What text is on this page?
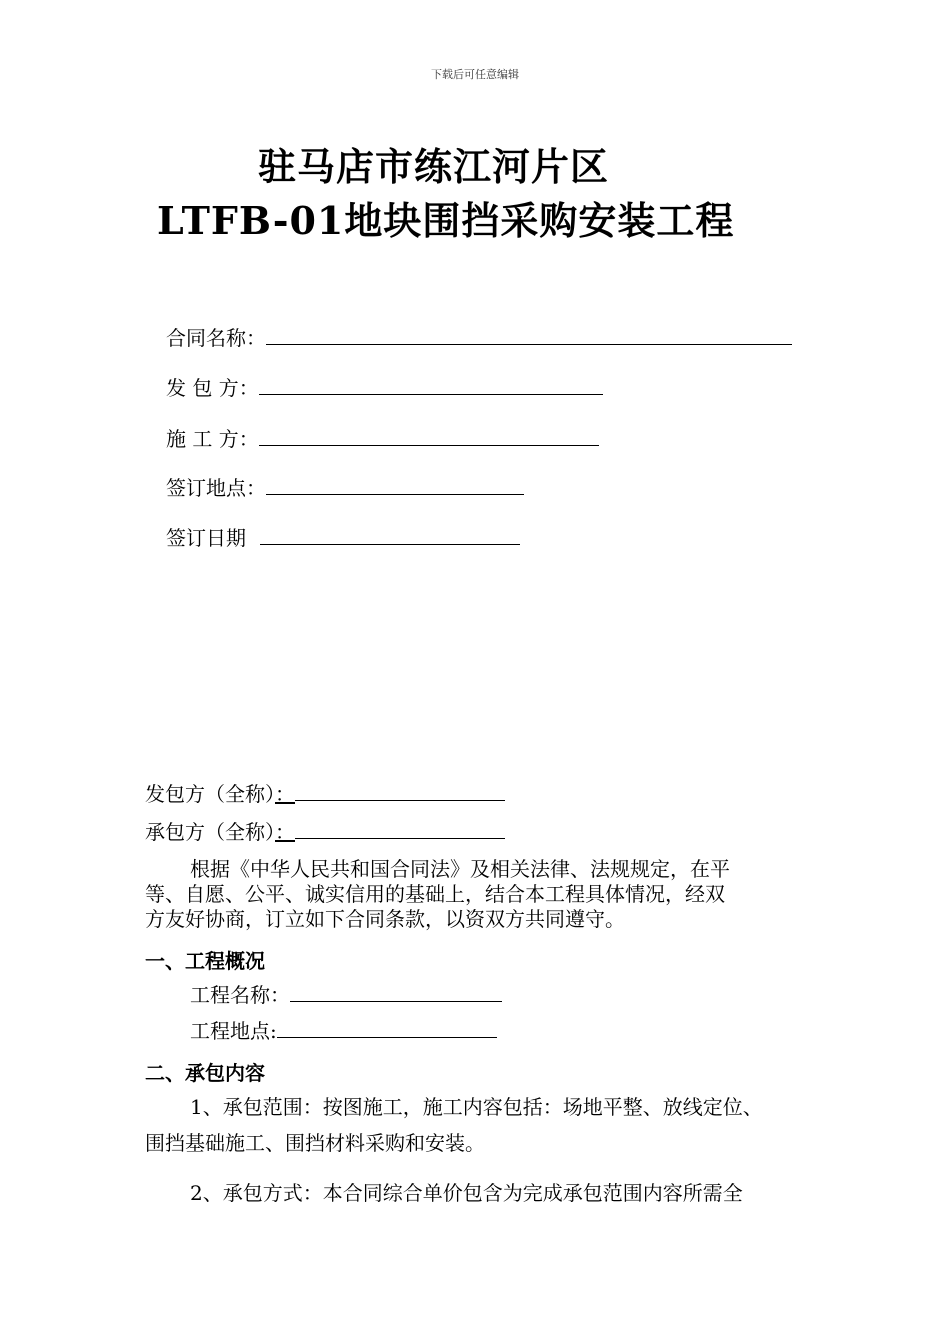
下载后可任意编辑
驻马店市练江河片区
LTFB-01地块围挡采购安装工程
合同名称：
发 包 方：
施 工 方：
签订地点：
签订日期
发包方（全称）：
承包方（全称）：
根据《中华人民共和国合同法》及相关法律、法规规定，在平
等、自愿、公平、诚实信用的基础上，结合本工程具体情况，经双
方友好协商，订立如下合同条款，以资双方共同遵守。
一、工程概况
工程名称：
工程地点:
二、承包内容
1、承包范围：按图施工，施工内容包括：场地平整、放线定位、
围挡基础施工、围挡材料采购和安装。
2、承包方式：本合同综合单价包含为完成承包范围内容所需全
